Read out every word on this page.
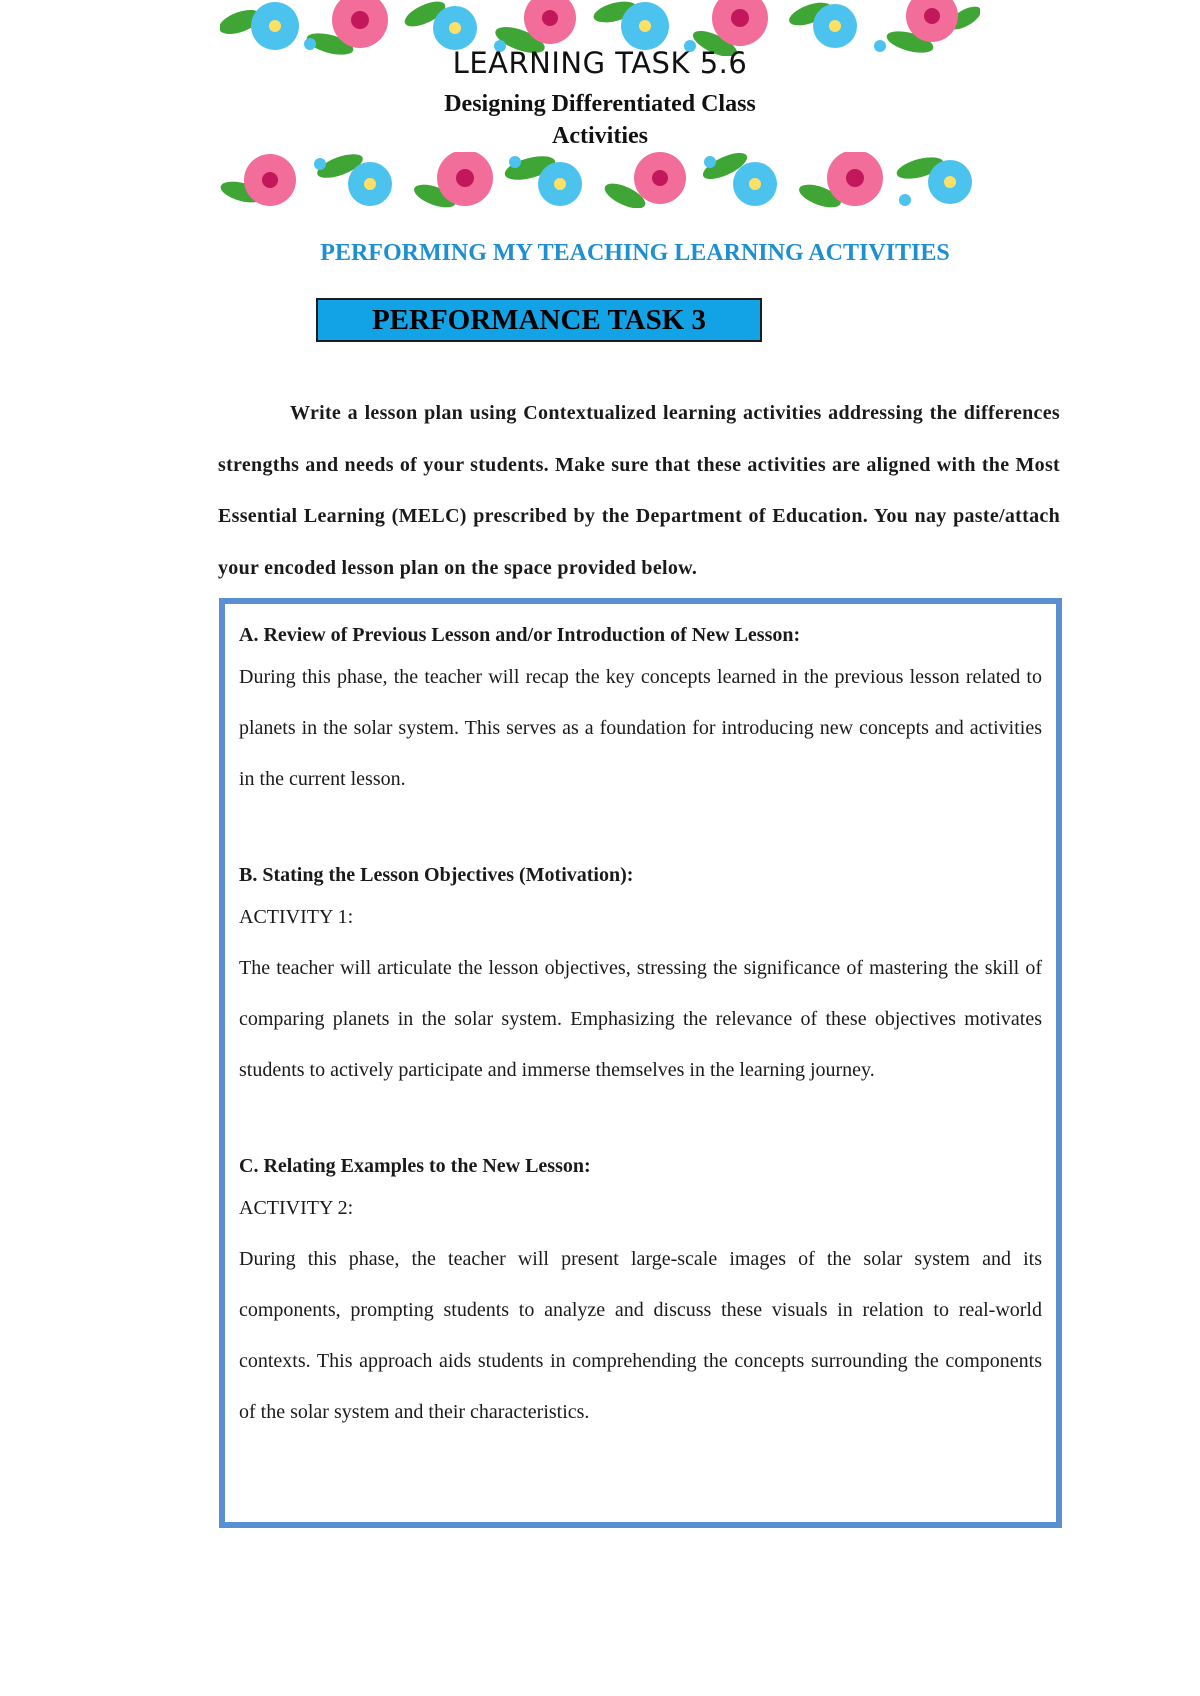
LEARNING TASK 5.6
Designing Differentiated Class Activities
PERFORMING MY TEACHING LEARNING ACTIVITIES
PERFORMANCE TASK 3
Write a lesson plan using Contextualized learning activities addressing the differences strengths and needs of your students. Make sure that these activities are aligned with the Most Essential Learning (MELC) prescribed by the Department of Education. You nay paste/attach your encoded lesson plan on the space provided below.
A. Review of Previous Lesson and/or Introduction of New Lesson:
During this phase, the teacher will recap the key concepts learned in the previous lesson related to planets in the solar system. This serves as a foundation for introducing new concepts and activities in the current lesson.
B. Stating the Lesson Objectives (Motivation):
ACTIVITY 1:
The teacher will articulate the lesson objectives, stressing the significance of mastering the skill of comparing planets in the solar system. Emphasizing the relevance of these objectives motivates students to actively participate and immerse themselves in the learning journey.
C. Relating Examples to the New Lesson:
ACTIVITY 2:
During this phase, the teacher will present large-scale images of the solar system and its components, prompting students to analyze and discuss these visuals in relation to real-world contexts. This approach aids students in comprehending the concepts surrounding the components of the solar system and their characteristics.
